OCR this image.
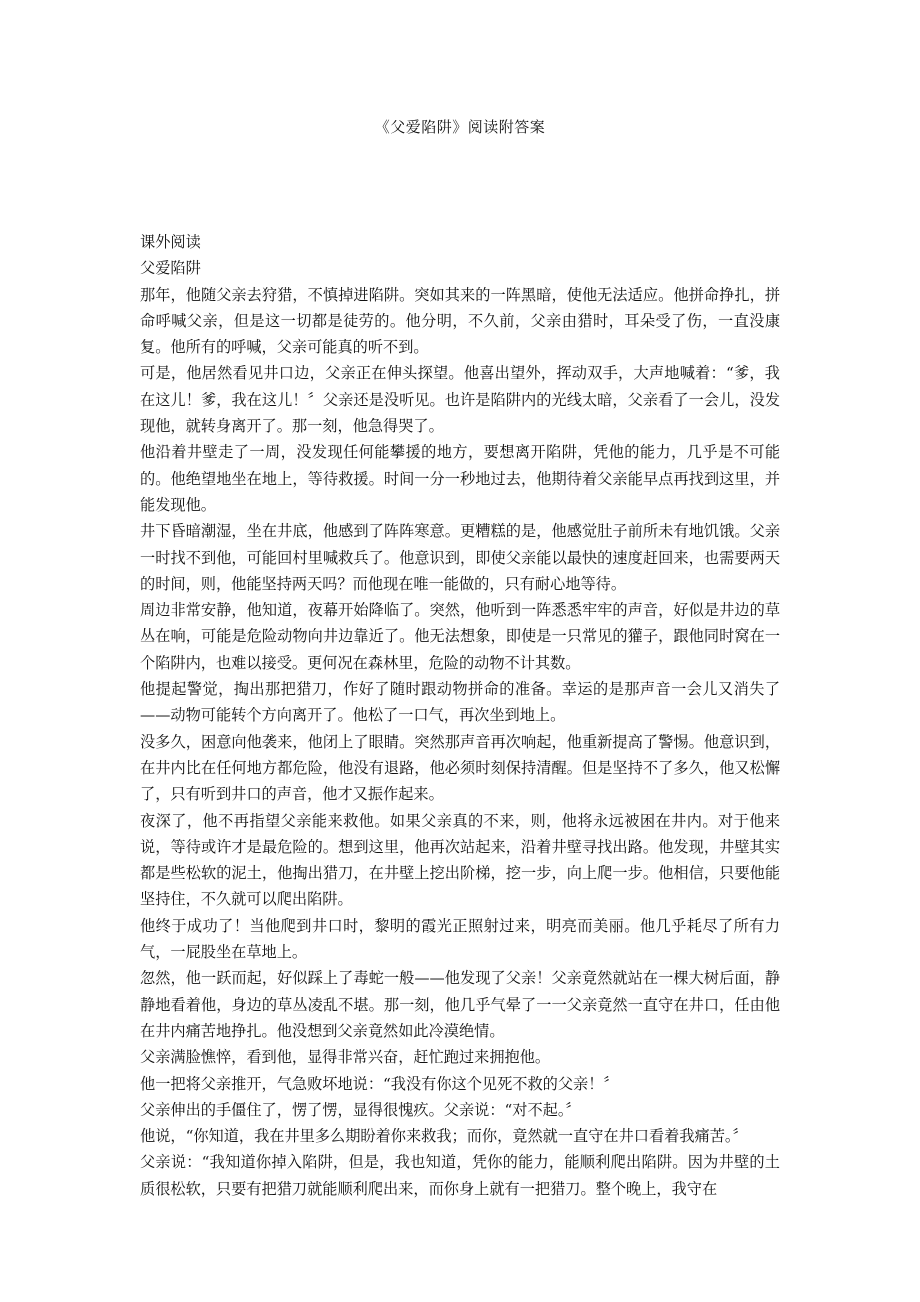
《父爱陷阱》阅读附答案

课外阅读

父爱陷阱

那年，他随父亲去狩猎，不慎掉进陷阱。突如其来的一阵黑暗，使他无法适应。他拼命挣扎，拼命呼喊父亲，但是这一切都是徒劳的。他分明，不久前，父亲由猎时，耳朵受了伤，一直没康复。他所有的呼喊，父亲可能真的听不到。

可是，他居然看见井口边，父亲正在伸头探望。他喜出望外，挥动双手，大声地喊着：“爹，我在这儿！爹，我在这儿！〞父亲还是没听见。也许是陷阱内的光线太暗，父亲看了一会儿，没发现他，就转身离开了。那一刻，他急得哭了。

他沿着井壁走了一周，没发现任何能攀援的地方，要想离开陷阱，凭他的能力，几乎是不可能的。他绝望地坐在地上，等待救援。时间一分一秒地过去，他期待着父亲能早点再找到这里，并能发现他。

井下昏暗潮湿，坐在井底，他感到了阵阵寒意。更糟糕的是，他感觉肚子前所未有地饥饿。父亲一时找不到他，可能回村里喊救兵了。他意识到，即使父亲能以最快的速度赶回来，也需要两天的时间，则，他能坚持两天吗？而他现在唯一能做的，只有耐心地等待。

周边非常安静，他知道，夜幕开始降临了。突然，他听到一阵悉悉牢牢的声音，好似是井边的草丛在响，可能是危险动物向井边靠近了。他无法想象，即使是一只常见的獾子，跟他同时窝在一个陷阱内，也难以接受。更何况在森林里，危险的动物不计其数。

他提起警觉，掏出那把猎刀，作好了随时跟动物拼命的准备。幸运的是那声音一会儿又消失了——动物可能转个方向离开了。他松了一口气，再次坐到地上。

没多久，困意向他袭来，他闭上了眼睛。突然那声音再次响起，他重新提高了警惕。他意识到，在井内比在任何地方都危险，他没有退路，他必须时刻保持清醒。但是坚持不了多久，他又松懈了，只有听到井口的声音，他才又振作起来。

夜深了，他不再指望父亲能来救他。如果父亲真的不来，则，他将永远被困在井内。对于他来说，等待或许才是最危险的。想到这里，他再次站起来，沿着井壁寻找出路。他发现，井壁其实都是些松软的泥土，他掏出猎刀，在井壁上挖出阶梯，挖一步，向上爬一步。他相信，只要他能坚持住，不久就可以爬出陷阱。

他终于成功了！当他爬到井口时，黎明的霞光正照射过来，明亮而美丽。他几乎耗尽了所有力气，一屁股坐在草地上。

忽然，他一跃而起，好似踩上了毒蛇一般——他发现了父亲！父亲竟然就站在一棵大树后面，静静地看着他，身边的草丛凌乱不堪。那一刻，他几乎气晕了一一父亲竟然一直守在井口，任由他在井内痛苦地挣扎。他没想到父亲竟然如此冷漠绝情。

父亲满脸憔悴，看到他，显得非常兴奋，赶忙跑过来拥抱他。

他一把将父亲推开，气急败坏地说：“我没有你这个见死不救的父亲！〞

父亲伸出的手僵住了，愣了愣，显得很愧疚。父亲说：“对不起。〞

他说，“你知道，我在井里多么期盼着你来救我；而你，竟然就一直守在井口看着我痛苦。〞

父亲说：“我知道你掉入陷阱，但是，我也知道，凭你的能力，能顺利爬出陷阱。因为井壁的土质很松软，只要有把猎刀就能顺利爬出来，而你身上就有一把猎刀。整个晚上，我守在
